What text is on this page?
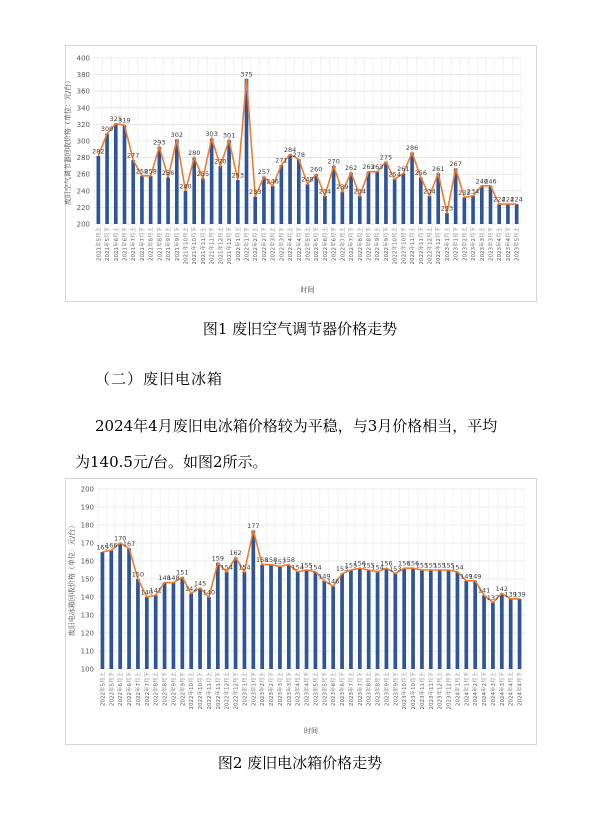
200
220
240
260
280
300
320
340
360
380
400
282
309
321
319
277
258
258
293
256
302
240
280
255
303
270
301
253
375
233
257
246
271
284
278
248
260
234
270
239
262
234
263
263
275
254
261
286
256
234
261
213
267
232
234
246
246
224
224
224
2021年5月上 2021年5月下 2021年6月上 2021年6月下 2021年7月上 2021年7月下 2021年8月上 2021年8月下 2021年9月上 2021年9月下 2021年10月上 2021年10月下 2021年11月上 2021年11月下 2021年12月上 2021年12月下 2022年1月上 2022年1月下 2022年2月上 2022年2月下 2022年3月上 2022年3月下 2022年4月上 2022年4月下 2022年5月上 2022年5月下 2022年6月上 2022年6月下 2022年7月上 2022年7月下 2022年8月上 2022年8月下 2022年9月上 2022年9月下 2022年10月上 2022年10月下 2022年11月上 2022年11月下 2022年12月上 2022年12月下 2023年1月上 2023年1月下 2023年2月上 2023年2月下 2023年3月上 2023年3月下 2023年4月上 2023年4月下 2023年5月上
废旧空气调节器回收价格（单位：元/台）
时间
图1 废旧空气调节器价格走势
（二）废旧电冰箱
2024年4月废旧电冰箱价格较为平稳，与3月价格相当，平均
为140.5元/台。如图2所示。
100
110
120
130
140
150
160
170
180
190
200
165
166
170
167
150
140
141
148
148
151
142
145
140
159
154
162
154
177
158
158
157
158
154
155
154
149
146
153
155
156
155
154
156
153
156
156
155
155
155
155
154
149
149
141
137
142
139
139
2022年5月上 2022年5月下 2022年6月上 2022年6月下 2022年7月上 2022年7月下 2022年8月上 2022年8月下 2022年9月上 2022年9月下 2022年10月上 2022年10月下 2022年11月上 2022年11月下 2022年12月上 2022年12月下 2023年1月上 2023年1月下 2023年2月上 2023年2月下 2023年3月上 2023年3月下 2023年4月上 2023年4月下 2023年5月上 2023年5月下 2023年6月上 2023年6月下 2023年7月上 2023年7月下 2023年8月上 2023年8月下 2023年9月上 2023年9月下 2023年10月上 2023年10月下 2023年11月上 2023年11月下 2023年12月上 2023年12月下 2024年1月上 2024年1月下 2024年2月上 2024年2月下 2024年3月上 2024年3月下 2024年4月上 2024年4月下
废旧电冰箱回收价格（单位：元/台）
时间
图2 废旧电冰箱价格走势
